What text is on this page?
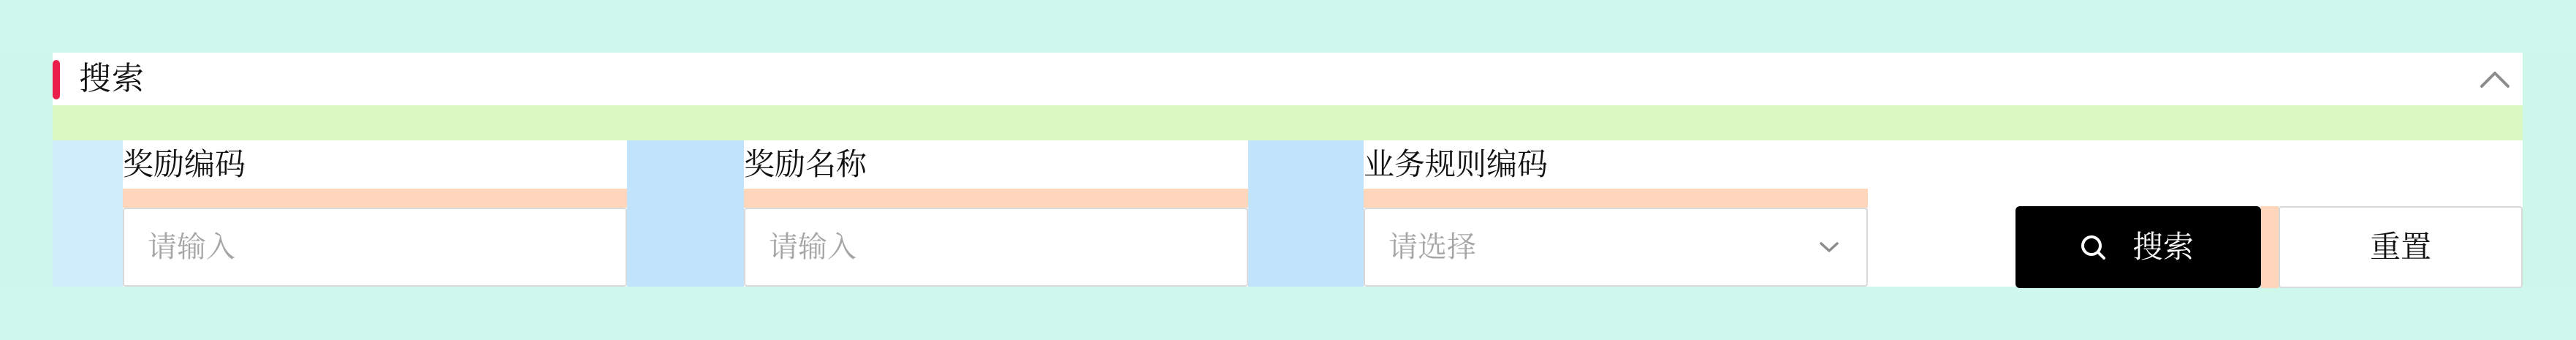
搜索
奖励编码
请输入	奖励名称
请输入	业务规则编码
请选择	搜索	重置
